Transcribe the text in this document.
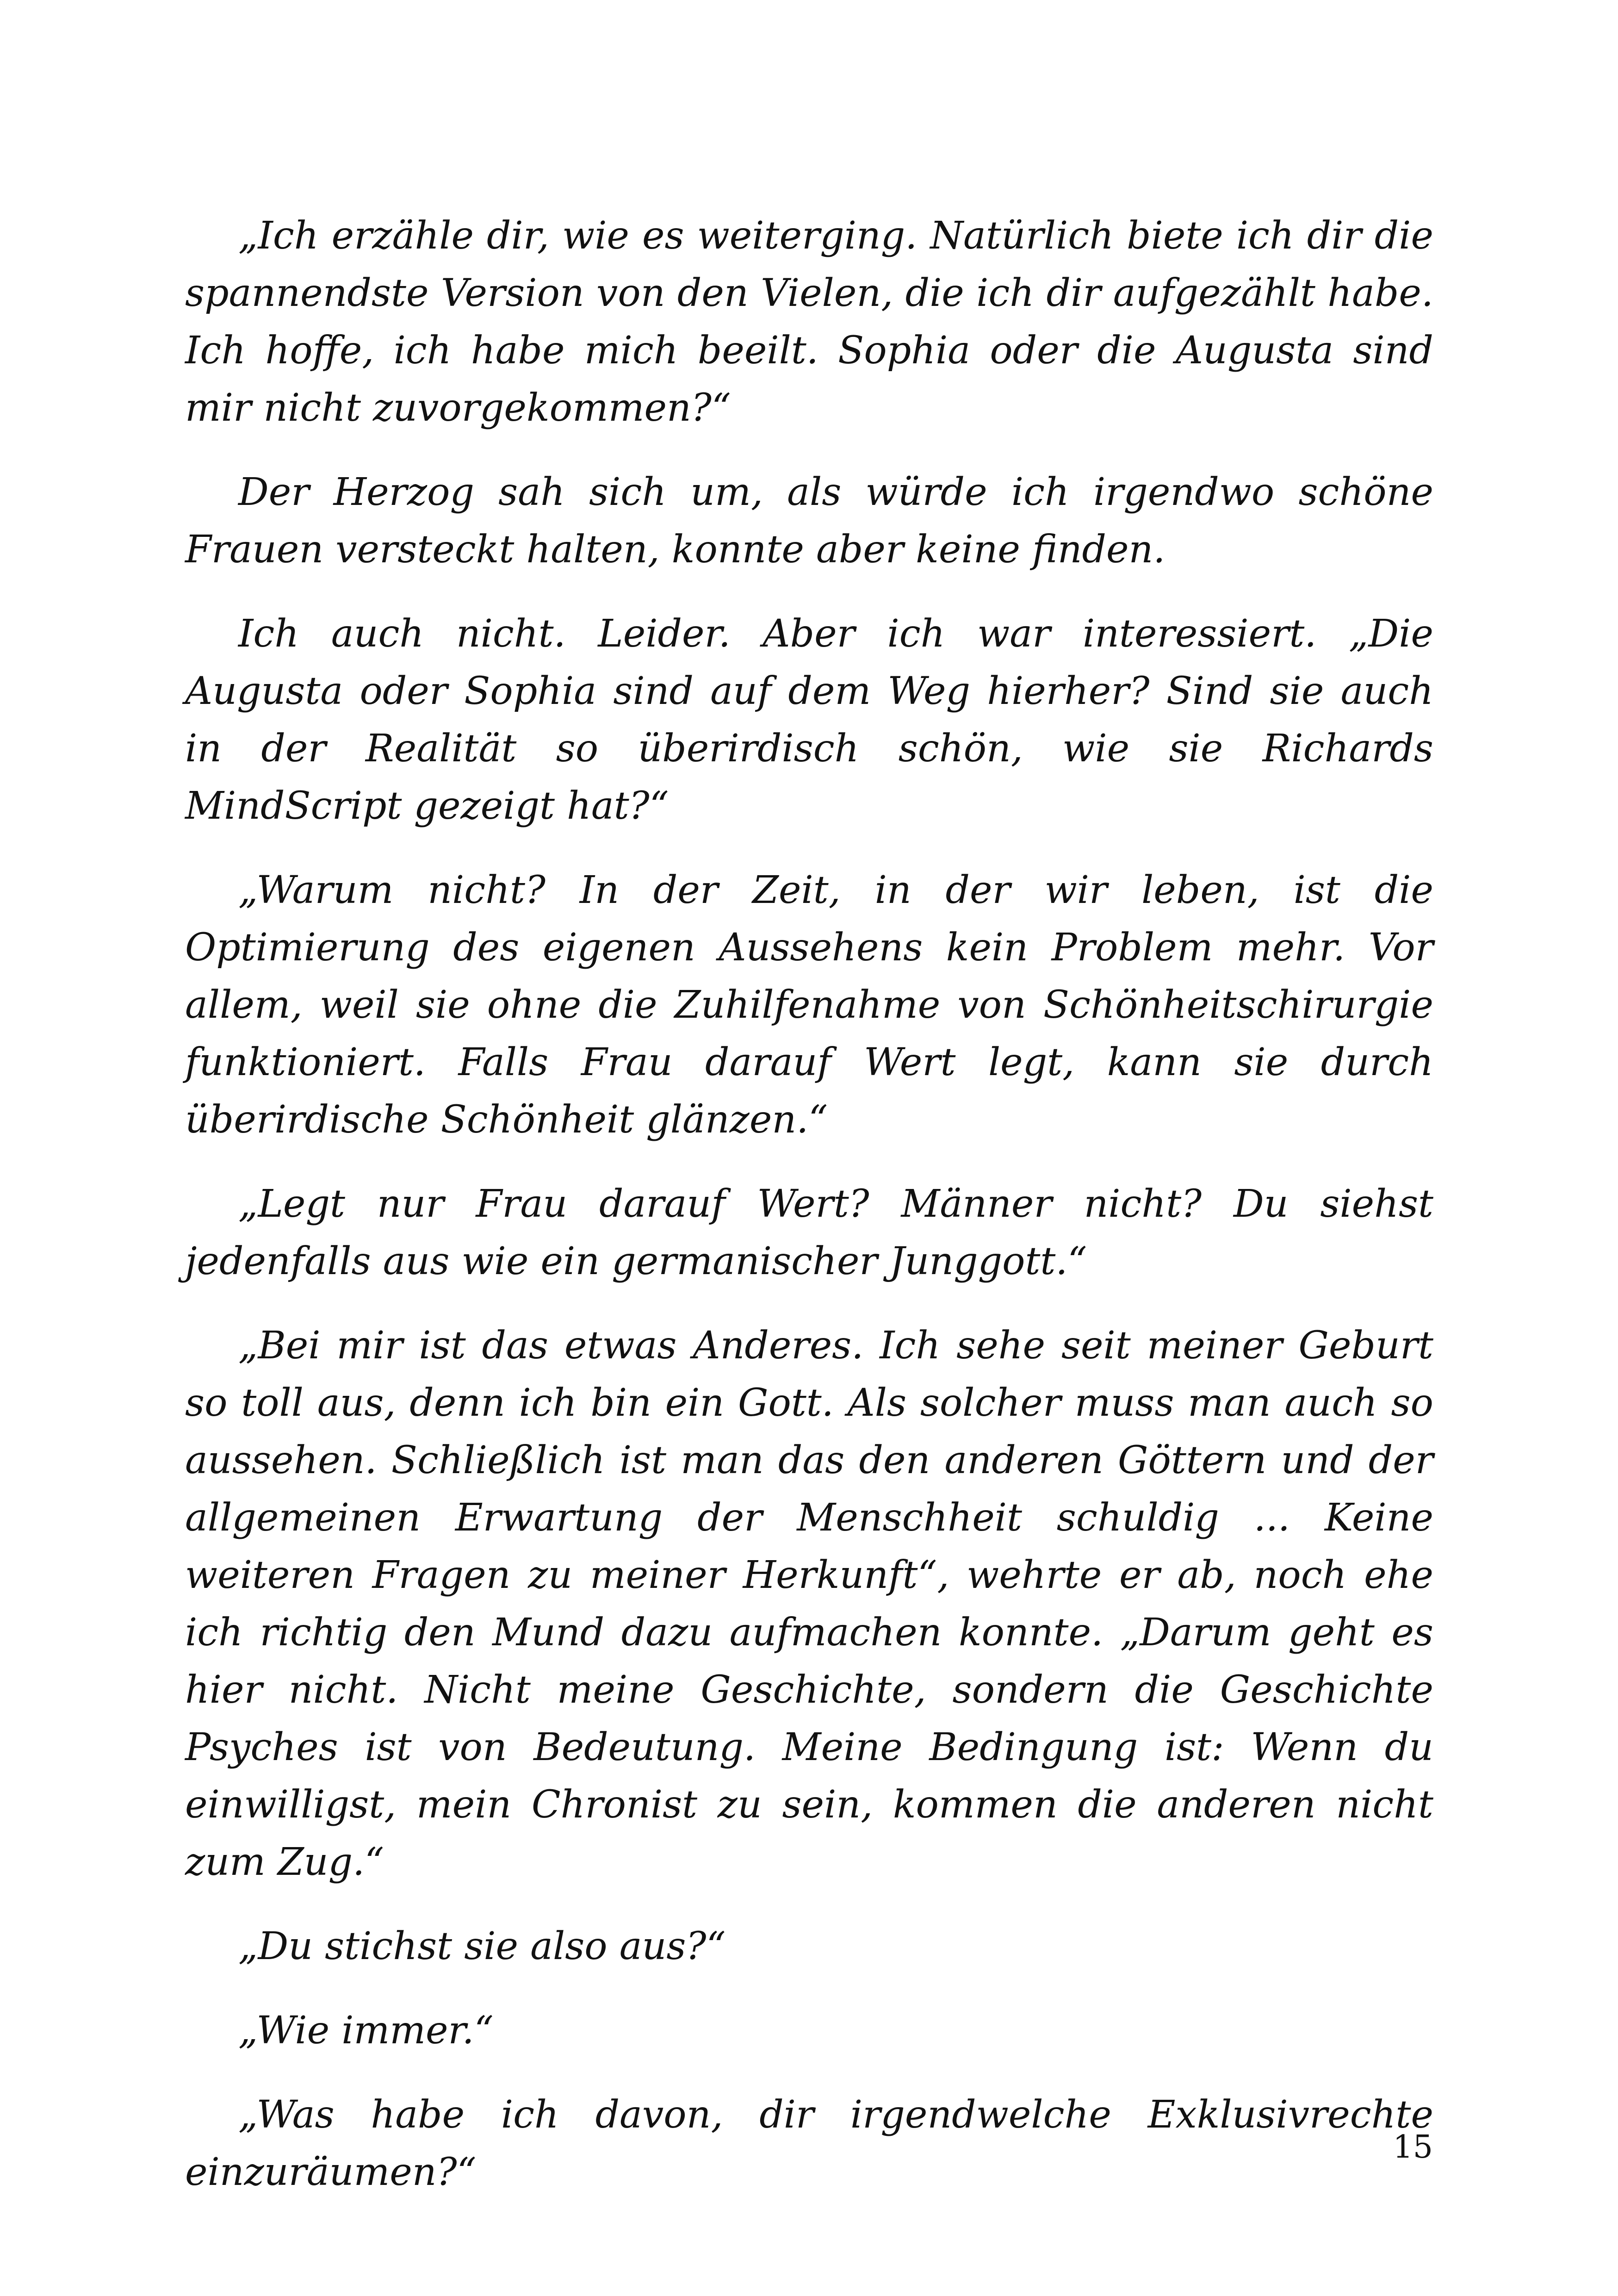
„Ich erzähle dir, wie es weiterging. Natürlich biete ich dir die spannendste Version von den Vielen, die ich dir aufgezählt habe. Ich hoffe, ich habe mich beeilt. Sophia oder die Augusta sind mir nicht zuvorgekommen?“

Der Herzog sah sich um, als würde ich irgendwo schöne Frauen versteckt halten, konnte aber keine finden.

Ich auch nicht. Leider. Aber ich war interessiert. „Die Augusta oder Sophia sind auf dem Weg hierher? Sind sie auch in der Realität so überirdisch schön, wie sie Richards MindScript gezeigt hat?“

„Warum nicht? In der Zeit, in der wir leben, ist die Optimierung des eigenen Aussehens kein Problem mehr. Vor allem, weil sie ohne die Zuhilfenahme von Schönheitschirurgie funktioniert. Falls Frau darauf Wert legt, kann sie durch überirdische Schönheit glänzen.“

„Legt nur Frau darauf Wert? Männer nicht? Du siehst jedenfalls aus wie ein germanischer Junggott.“

„Bei mir ist das etwas Anderes. Ich sehe seit meiner Geburt so toll aus, denn ich bin ein Gott. Als solcher muss man auch so aussehen. Schließlich ist man das den anderen Göttern und der allgemeinen Erwartung der Menschheit schuldig ... Keine weiteren Fragen zu meiner Herkunft“, wehrte er ab, noch ehe ich richtig den Mund dazu aufmachen konnte. „Darum geht es hier nicht. Nicht meine Geschichte, sondern die Geschichte Psyches ist von Bedeutung. Meine Bedingung ist: Wenn du einwilligst, mein Chronist zu sein, kommen die anderen nicht zum Zug.“

„Du stichst sie also aus?“

„Wie immer.“

„Was habe ich davon, dir irgendwelche Exklusivrechte einzuräumen?“

15
